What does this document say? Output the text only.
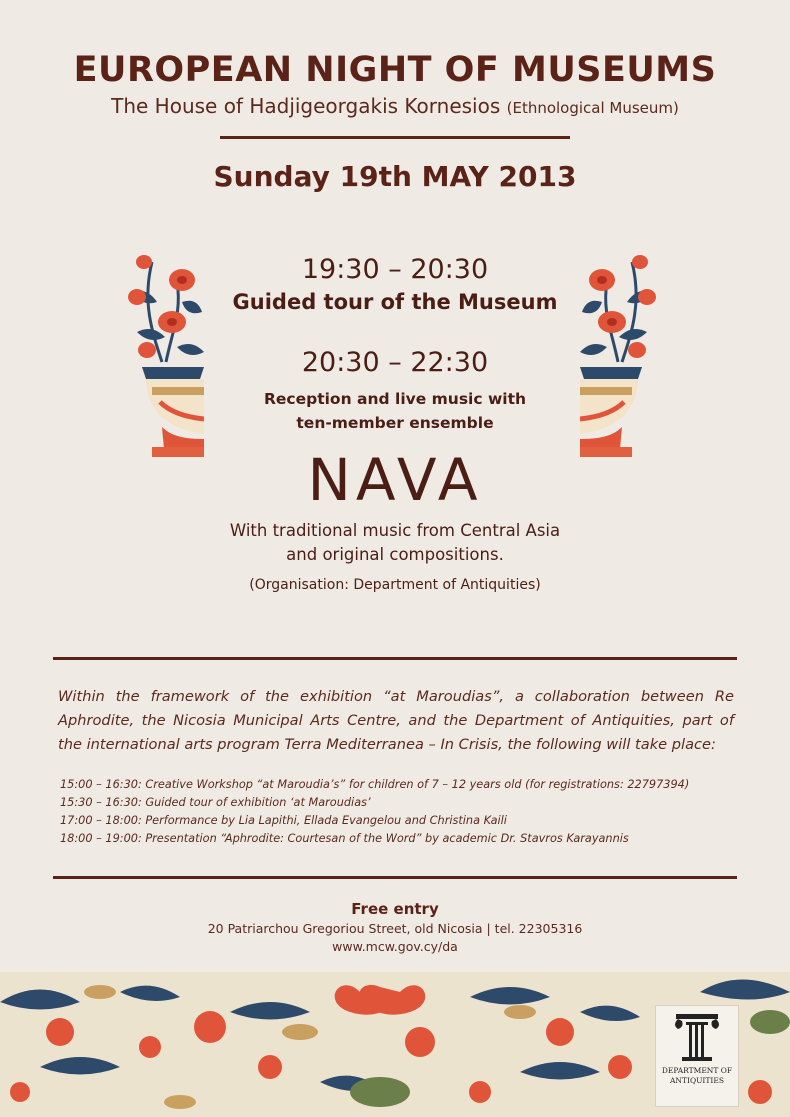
EUROPEAN NIGHT OF MUSEUMS
The House of Hadjigeorgakis Kornesios (Ethnological Museum)
Sunday 19th MAY 2013
19:30 – 20:30
Guided tour of the Museum
20:30 – 22:30
Reception and live music with
ten-member ensemble
NAVA
With traditional music from Central Asia
and original compositions.
(Organisation: Department of Antiquities)
Within the framework of the exhibition “at Maroudias”, a collaboration between Re
Aphrodite, the Nicosia Municipal Arts Centre, and the Department of Antiquities, part of
the international arts program Terra Mediterranea – In Crisis, the following will take place:
15:00 – 16:30: Creative Workshop “at Maroudia’s” for children of 7 – 12 years old (for registrations: 22797394)
15:30 – 16:30: Guided tour of exhibition ‘at Maroudias’
17:00 – 18:00: Performance by Lia Lapithi, Ellada Evangelou and Christina Kaili
18:00 – 19:00: Presentation “Aphrodite: Courtesan of the Word” by academic Dr. Stavros Karayannis
Free entry
20 Patriarchou Gregoriou Street, old Nicosia | tel. 22305316
www.mcw.gov.cy/da
DEPARTMENT OF
ANTIQUITIES
